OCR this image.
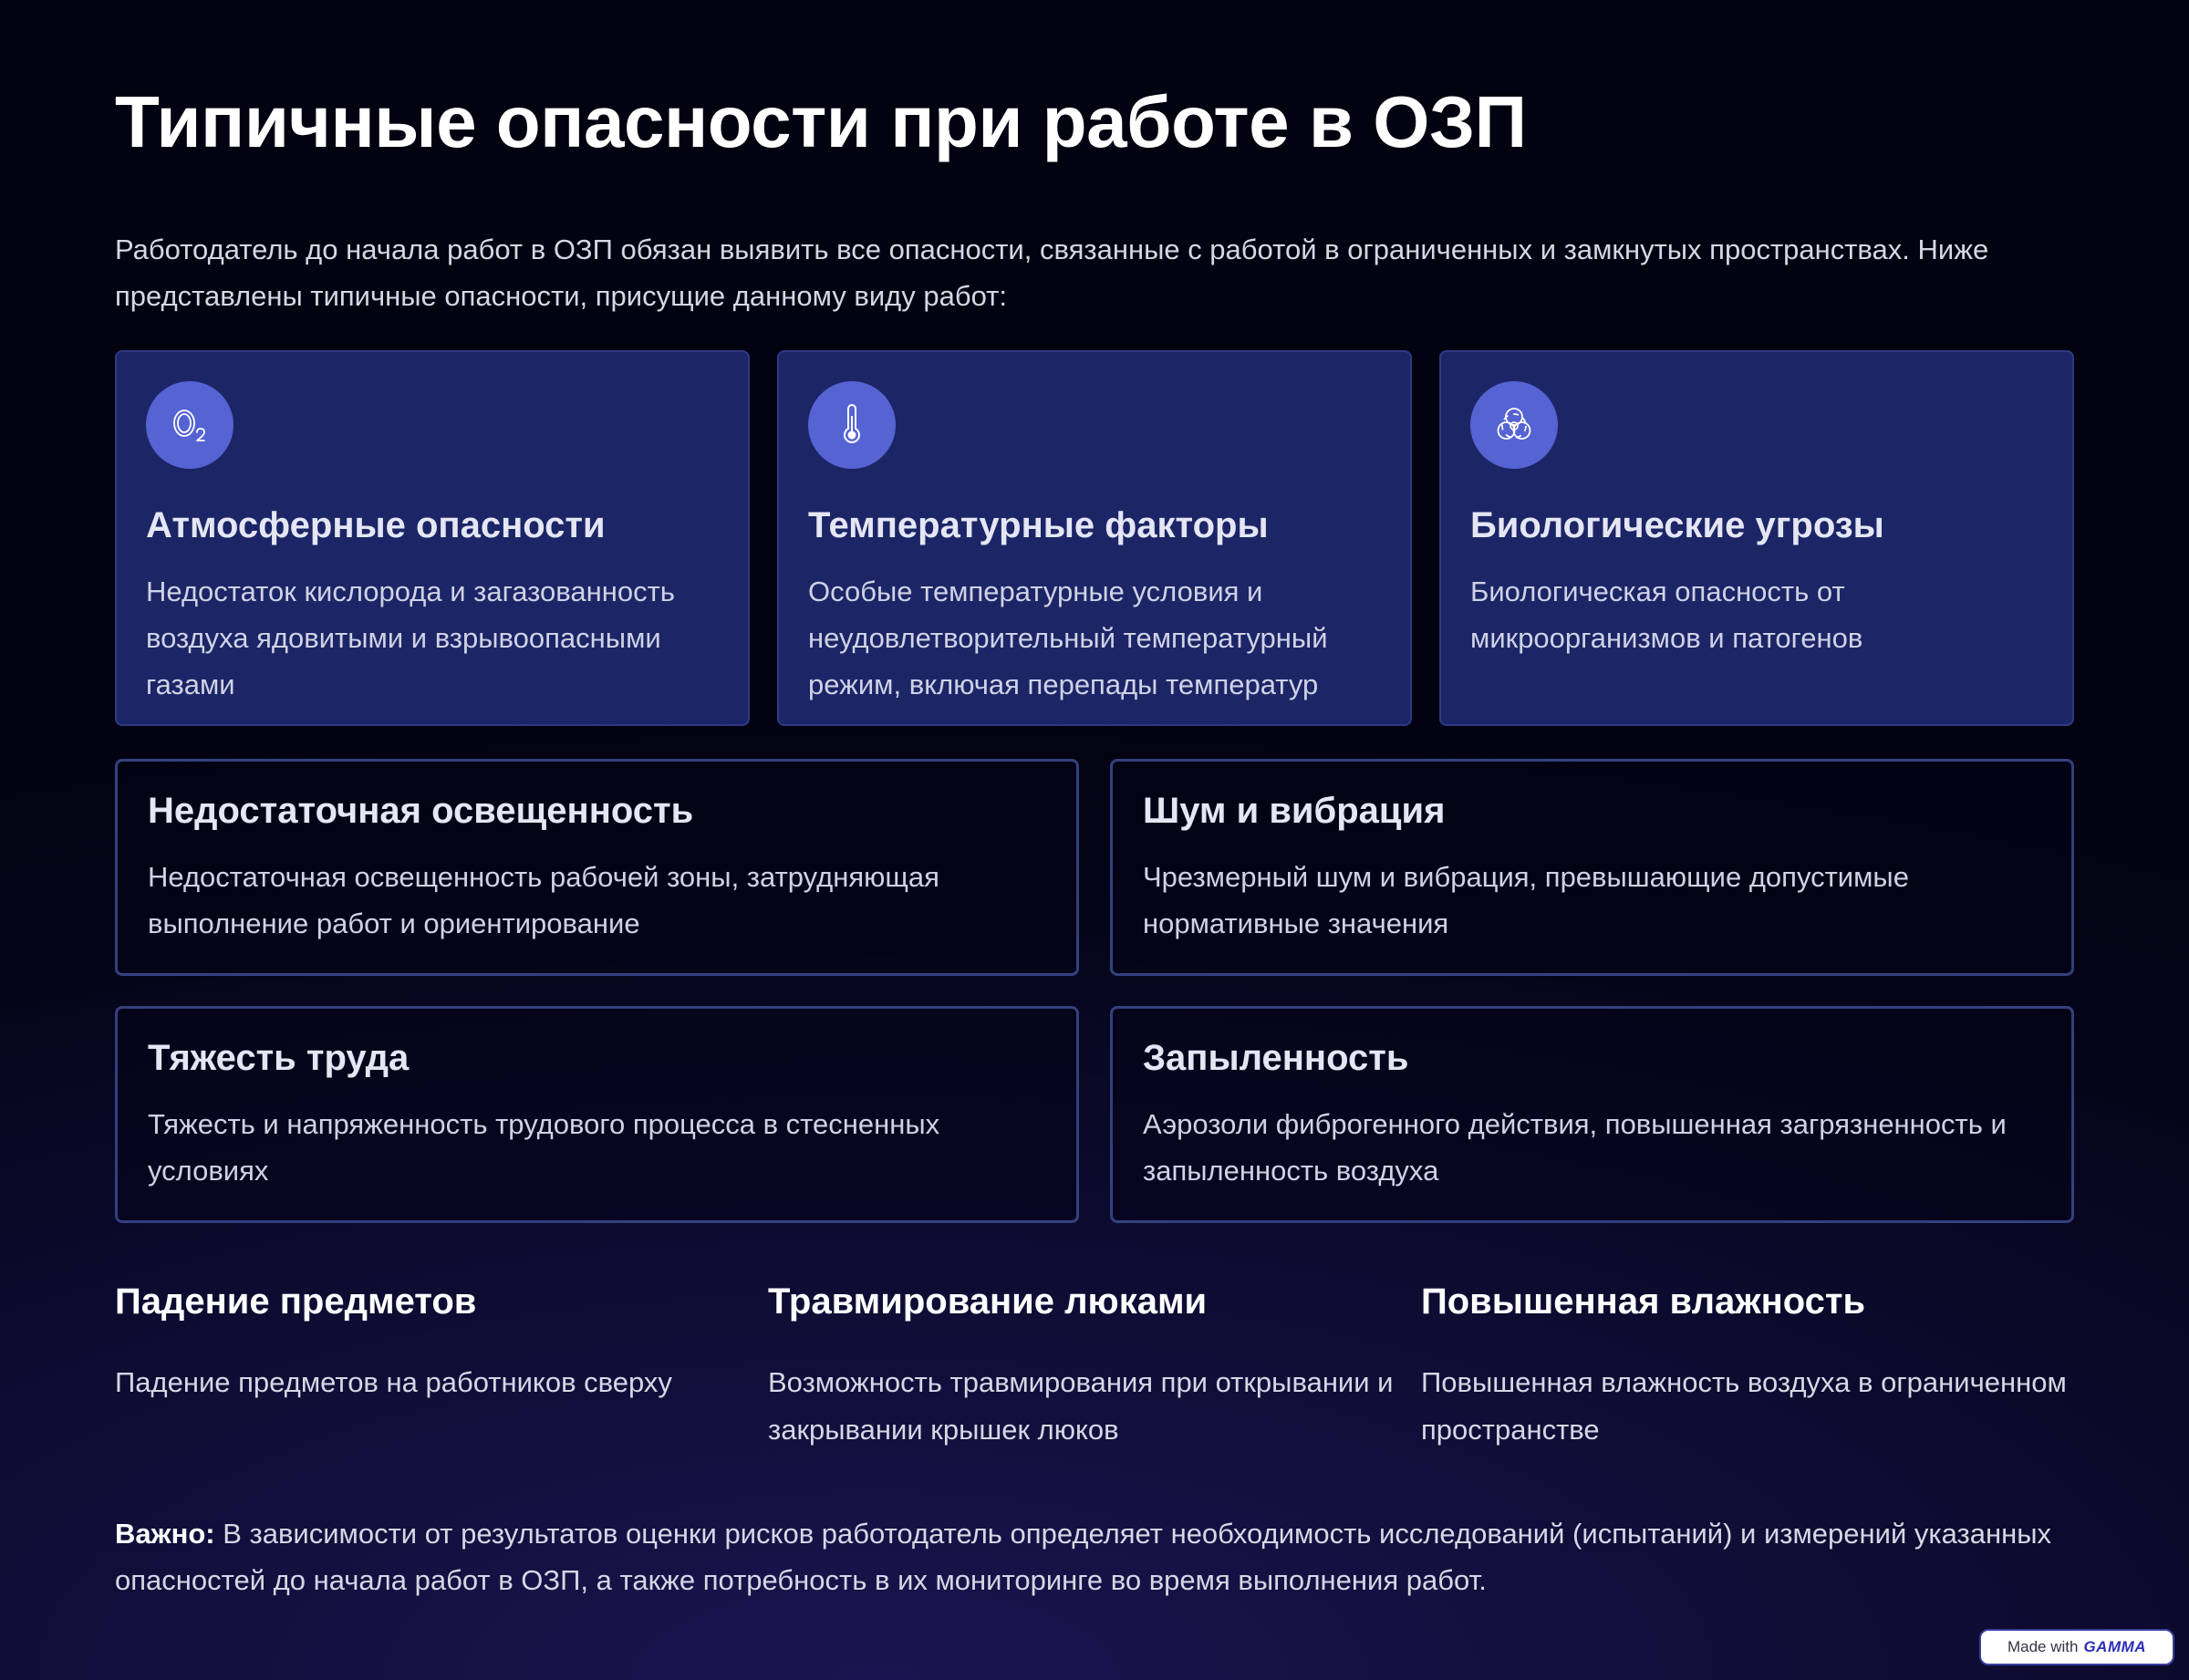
Типичные опасности при работе в ОЗП

Работодатель до начала работ в ОЗП обязан выявить все опасности, связанные с работой в ограниченных и замкнутых пространствах. Ниже представлены типичные опасности, присущие данному виду работ:

Атмосферные опасности

Недостаток кислорода и загазованность воздуха ядовитыми и взрывоопасными газами

Температурные факторы

Особые температурные условия и неудовлетворительный температурный режим, включая перепады температур

Биологические угрозы

Биологическая опасность от микроорганизмов и патогенов

Недостаточная освещенность

Недостаточная освещенность рабочей зоны, затрудняющая выполнение работ и ориентирование

Шум и вибрация

Чрезмерный шум и вибрация, превышающие допустимые нормативные значения

Тяжесть труда

Тяжесть и напряженность трудового процесса в стесненных условиях

Запыленность

Аэрозоли фиброгенного действия, повышенная загрязненность и запыленность воздуха

Падение предметов

Падение предметов на работников сверху

Травмирование люками

Возможность травмирования при открывании и закрывании крышек люков

Повышенная влажность

Повышенная влажность воздуха в ограниченном пространстве

Важно: В зависимости от результатов оценки рисков работодатель определяет необходимость исследований (испытаний) и измерений указанных опасностей до начала работ в ОЗП, а также потребность в их мониторинге во время выполнения работ.

Made with GAMMA
